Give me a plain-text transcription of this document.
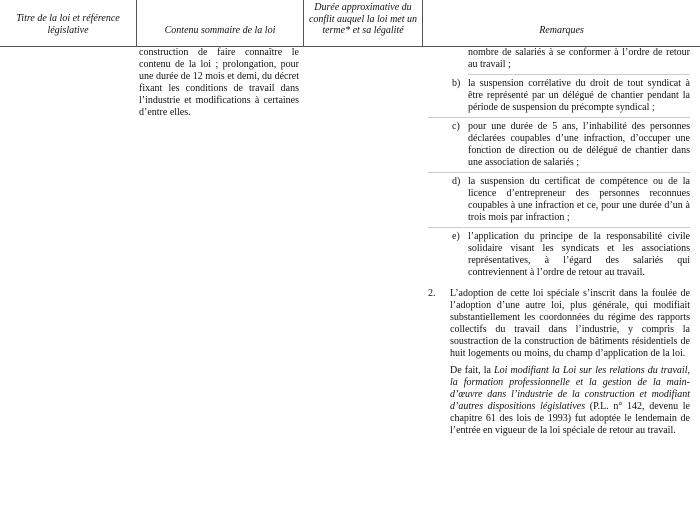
Titre de la loi et référence législative	Contenu sommaire de la loi
Durée approximative du conflit auquel la loi met un terme* et sa légalité	Remarques
construction de faire connaître le contenu de la loi ; prolongation, pour une durée de 12 mois et demi, du décret fixant les conditions de travail dans l’industrie et modifications à certaines d’entre elles.
nombre de salariés à se conformer à l’ordre de retour au travail ;
b) la suspension corrélative du droit de tout syndicat à être représenté par un délégué de chantier pendant la période de suspension du précompte syndical ;
c) pour une durée de 5 ans, l’inhabilité des personnes déclarées coupables d’une infraction, d’occuper une fonction de direction ou de délégué de chantier dans une association de salariés ;
d) la suspension du certificat de compétence ou de la licence d’entrepreneur des personnes reconnues coupables à une infraction et ce, pour une durée d’un à trois mois par infraction ;
e) l’application du principe de la responsabilité civile solidaire visant les syndicats et les associations représentatives, à l’égard des salariés qui contreviennent à l’ordre de retour au travail.
2. L’adoption de cette loi spéciale s’inscrit dans la foulée de l’adoption d’une autre loi, plus générale, qui modifiait substantiellement les coordonnées du régime des rapports collectifs du travail dans l’industrie, y compris la soustraction de la construction de bâtiments résidentiels de huit logements ou moins, du champ d’application de la loi.
De fait, la Loi modifiant la Loi sur les relations du travail, la formation professionnelle et la gestion de la main-d’œuvre dans l’industrie de la construction et modifiant d’autres dispositions législatives (P.L. n° 142, devenu le chapitre 61 des lois de 1993) fut adoptée le lendemain de l’entrée en vigueur de la loi spéciale de retour au travail.
